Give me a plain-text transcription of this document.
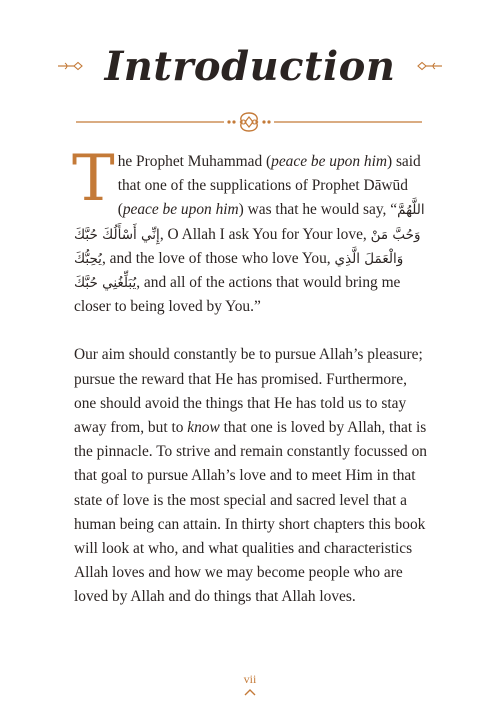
Introduction

The Prophet Muhammad (peace be upon him) said that one of the supplications of Prophet Dāwūd (peace be upon him) was that he would say, “اللَّهُمَّ إِنِّي أَسْأَلُكَ حُبَّكَ, O Allah I ask You for Your love, وَحُبَّ مَنْ يُحِبُّكَ, and the love of those who love You, وَالْعَمَلَ الَّذِي يُبَلِّغُنِي حُبَّكَ, and all of the actions that would bring me closer to being loved by You.”

Our aim should constantly be to pursue Allah’s pleasure; pursue the reward that He has promised. Furthermore, one should avoid the things that He has told us to stay away from, but to know that one is loved by Allah, that is the pinnacle. To strive and remain constantly focussed on that goal to pursue Allah’s love and to meet Him in that state of love is the most special and sacred level that a human being can attain. In thirty short chapters this book will look at who, and what qualities and characteristics Allah loves and how we may become people who are loved by Allah and do things that Allah loves.

vii
